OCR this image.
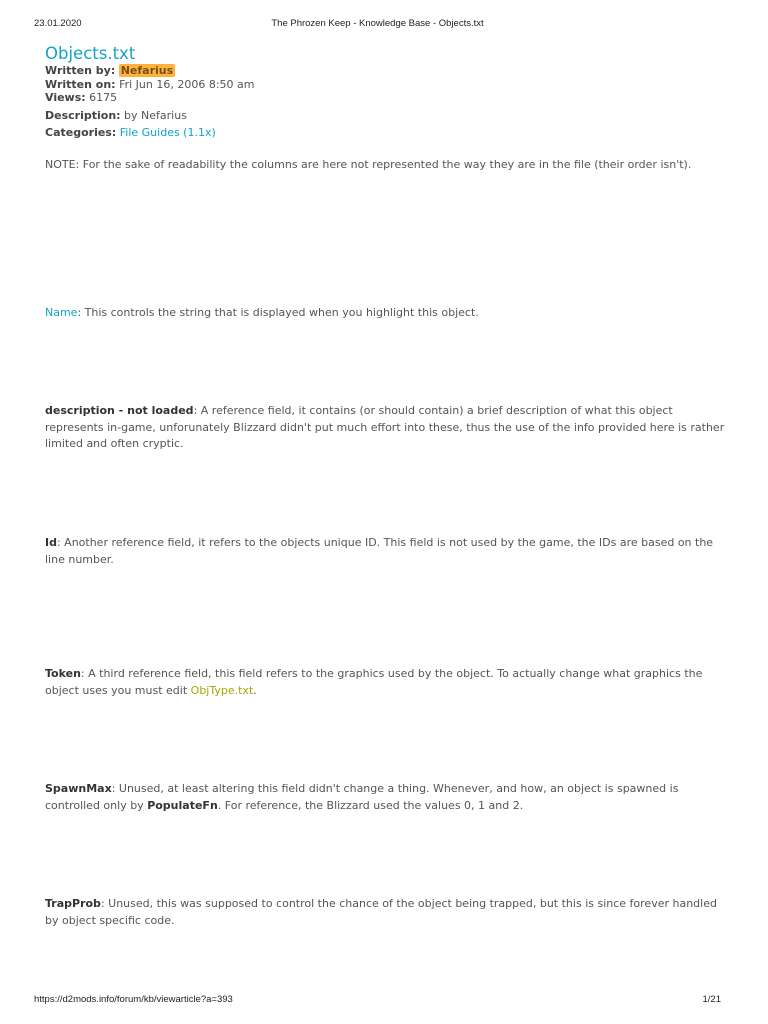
23.01.2020	The Phrozen Keep - Knowledge Base - Objects.txt
Objects.txt
Written by: Nefarius
Written on: Fri Jun 16, 2006 8:50 am
Views: 6175
Description: by Nefarius
Categories: File Guides (1.1x)
NOTE: For the sake of readability the columns are here not represented the way they are in the file (their order isn't).
Name: This controls the string that is displayed when you highlight this object.
description - not loaded: A reference field, it contains (or should contain) a brief description of what this object represents in-game, unforunately Blizzard didn't put much effort into these, thus the use of the info provided here is rather limited and often cryptic.
Id: Another reference field, it refers to the objects unique ID. This field is not used by the game, the IDs are based on the line number.
Token: A third reference field, this field refers to the graphics used by the object. To actually change what graphics the object uses you must edit ObjType.txt.
SpawnMax: Unused, at least altering this field didn't change a thing. Whenever, and how, an object is spawned is controlled only by PopulateFn. For reference, the Blizzard used the values 0, 1 and 2.
TrapProb: Unused, this was supposed to control the chance of the object being trapped, but this is since forever handled by object specific code.
https://d2mods.info/forum/kb/viewarticle?a=393	1/21
